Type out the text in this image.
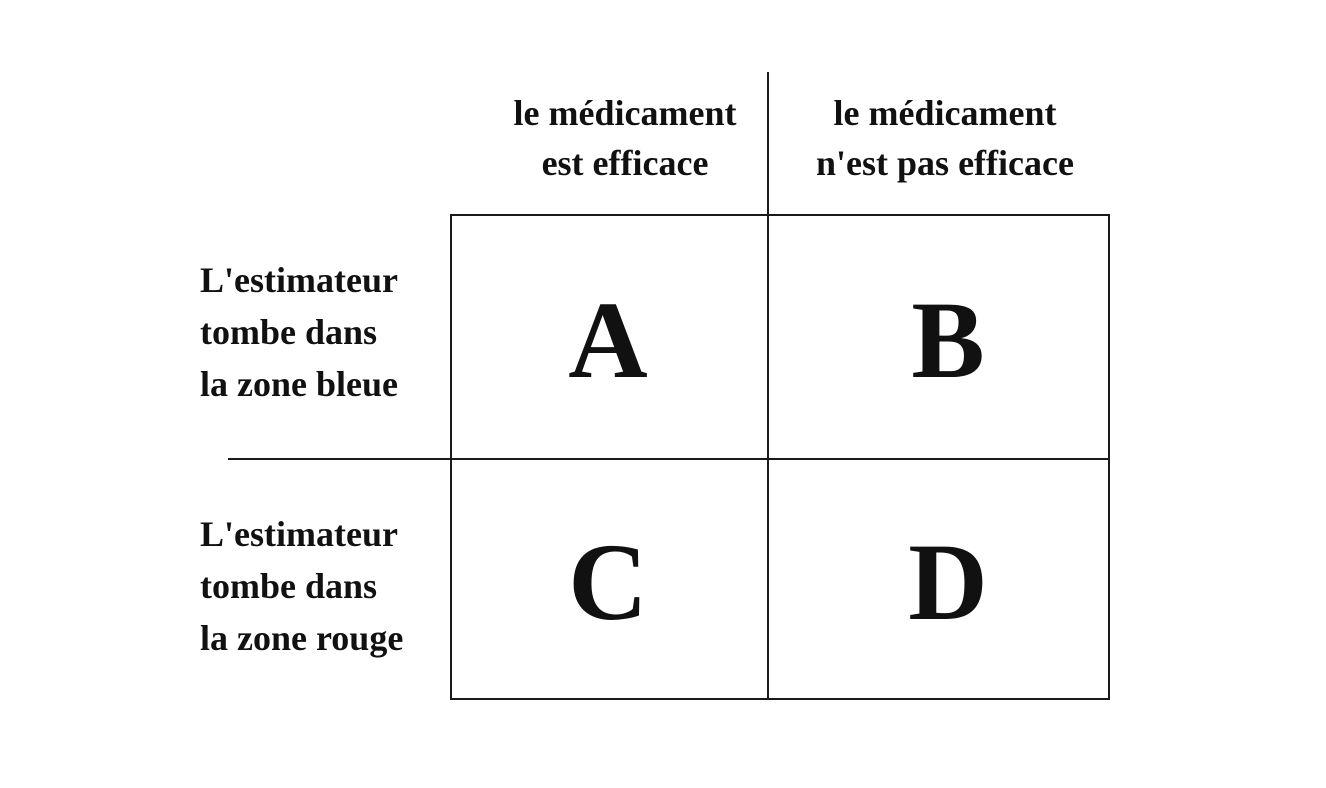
le médicament
est efficace
le médicament
n'est pas efficace
L'estimateur
tombe dans
la zone bleue
L'estimateur
tombe dans
la zone rouge
A	B
C	D
